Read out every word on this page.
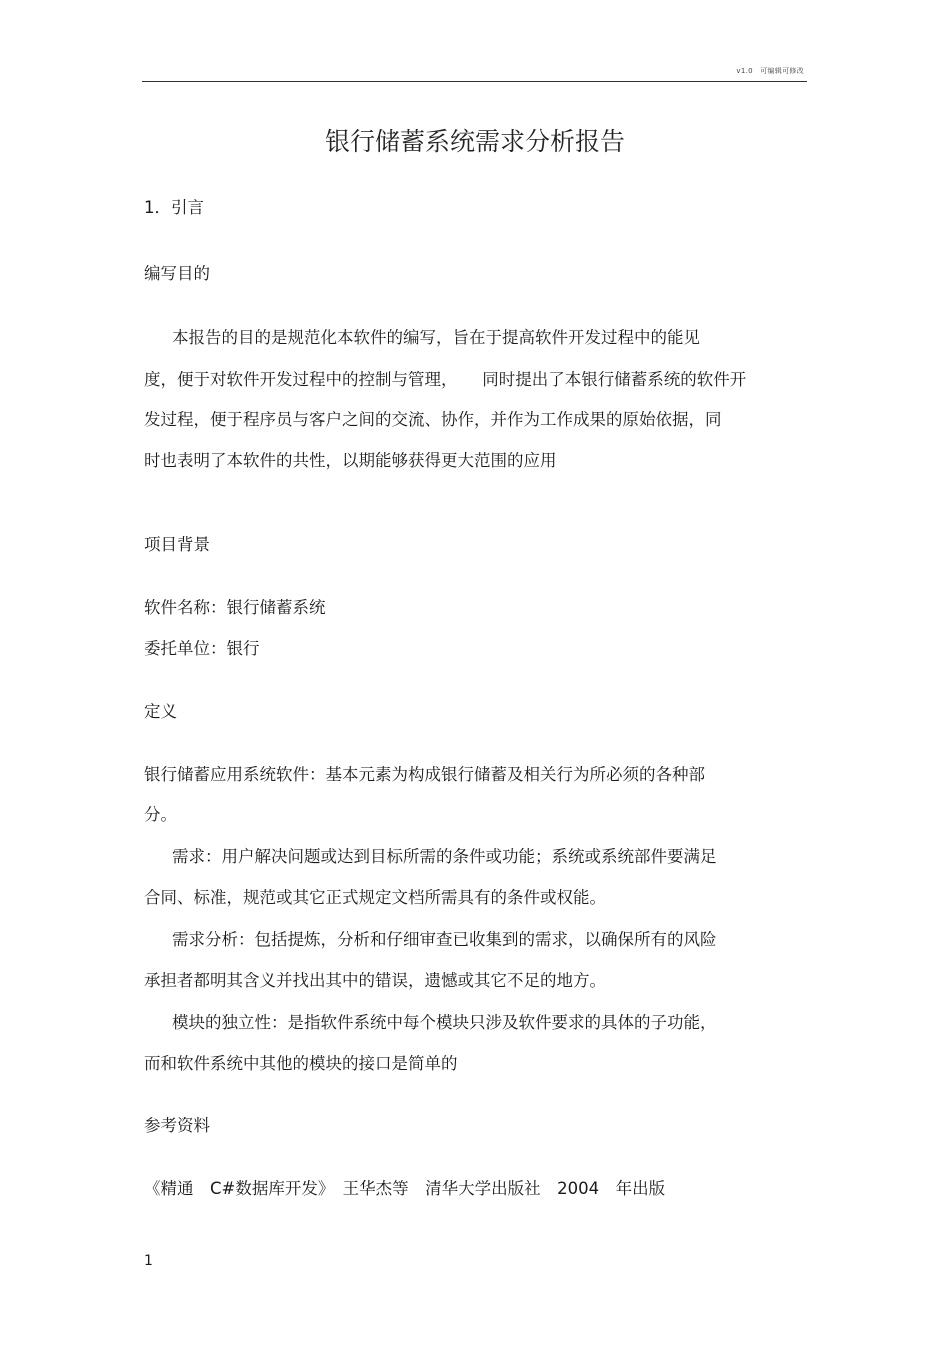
v1.0　可编辑可修改
银行储蓄系统需求分析报告
1．引言
编写目的
本报告的目的是规范化本软件的编写，旨在于提高软件开发过程中的能见
度，便于对软件开发过程中的控制与管理，　　同时提出了本银行储蓄系统的软件开
发过程，便于程序员与客户之间的交流、协作，并作为工作成果的原始依据，同
时也表明了本软件的共性，以期能够获得更大范围的应用
项目背景
软件名称：银行储蓄系统
委托单位：银行
定义
银行储蓄应用系统软件：基本元素为构成银行储蓄及相关行为所必须的各种部
分。
需求：用户解决问题或达到目标所需的条件或功能；系统或系统部件要满足
合同、标准，规范或其它正式规定文档所需具有的条件或权能。
需求分析：包括提炼，分析和仔细审查已收集到的需求，以确保所有的风险
承担者都明其含义并找出其中的错误，遗憾或其它不足的地方。
模块的独立性：是指软件系统中每个模块只涉及软件要求的具体的子功能，
而和软件系统中其他的模块的接口是简单的
参考资料
《精通　C#数据库开发》　王华杰等　清华大学出版社　2004　年出版
1
